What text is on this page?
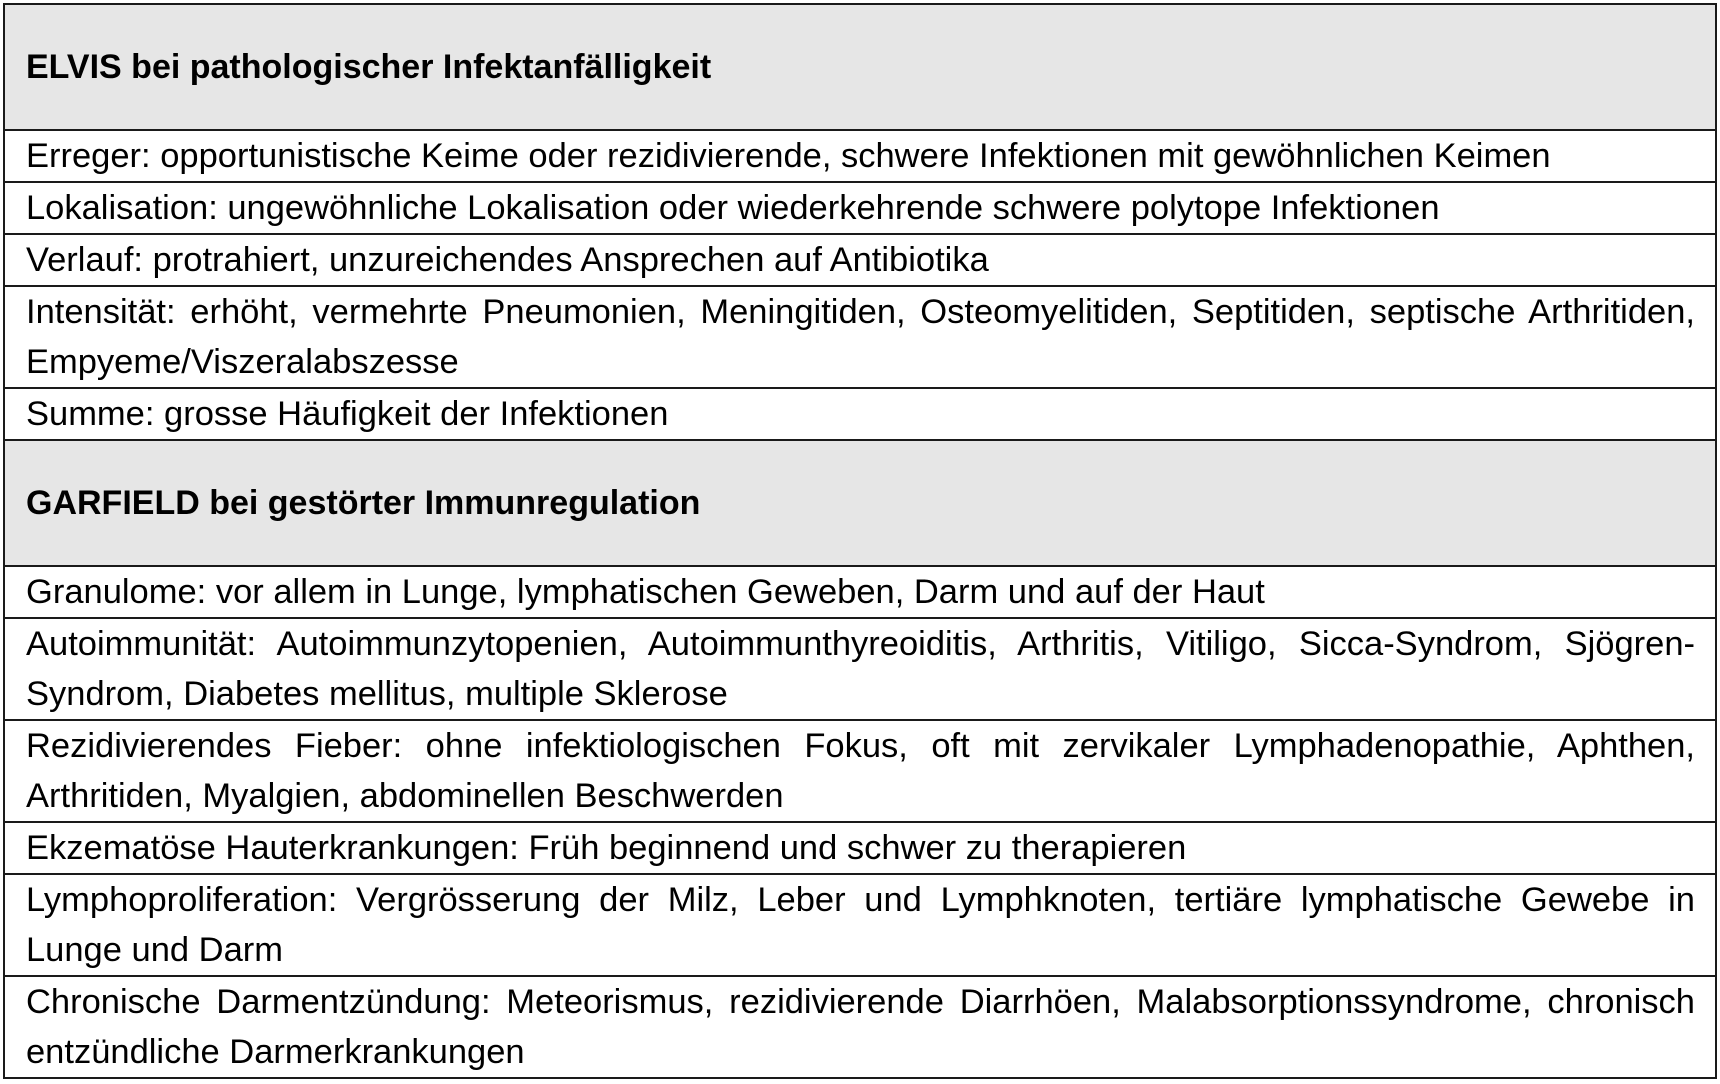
ELVIS bei pathologischer Infektanfälligkeit
Erreger: opportunistische Keime oder rezidivierende, schwere Infektionen mit gewöhnlichen Keimen
Lokalisation: ungewöhnliche Lokalisation oder wiederkehrende schwere polytope Infektionen
Verlauf: protrahiert, unzureichendes Ansprechen auf Antibiotika
Intensität: erhöht, vermehrte Pneumonien, Meningitiden, Osteomyelitiden, Septitiden, septische Arthritiden, Empyeme/Viszeralabszesse
Summe: grosse Häufigkeit der Infektionen
GARFIELD bei gestörter Immunregulation
Granulome: vor allem in Lunge, lymphatischen Geweben, Darm und auf der Haut
Autoimmunität: Autoimmunzytopenien, Autoimmunthyreoiditis, Arthritis, Vitiligo, Sicca-Syndrom, Sjögren-Syndrom, Diabetes mellitus, multiple Sklerose
Rezidivierendes Fieber: ohne infektiologischen Fokus, oft mit zervikaler Lymphadenopathie, Aphthen, Arthritiden, Myalgien, abdominellen Beschwerden
Ekzematöse Hauterkrankungen: Früh beginnend und schwer zu therapieren
Lymphoproliferation: Vergrösserung der Milz, Leber und Lymphknoten, tertiäre lymphatische Gewebe in Lunge und Darm
Chronische Darmentzündung: Meteorismus, rezidivierende Diarrhöen, Malabsorptionssyndrome, chronisch entzündliche Darmerkrankungen
